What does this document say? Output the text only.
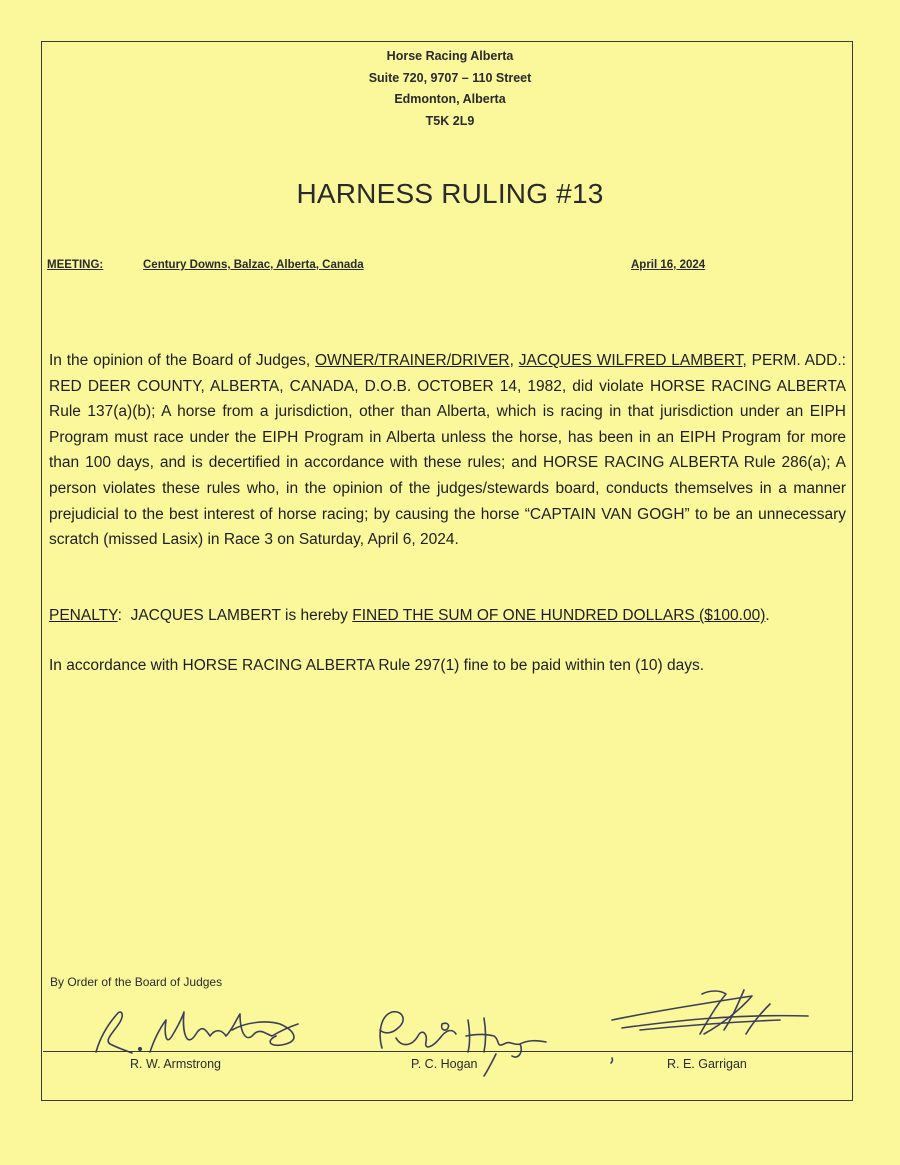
Horse Racing Alberta
Suite 720, 9707 – 110 Street
Edmonton, Alberta
T5K 2L9
HARNESS RULING #13
MEETING:	Century Downs, Balzac, Alberta, Canada	April 16, 2024
In the opinion of the Board of Judges, OWNER/TRAINER/DRIVER, JACQUES WILFRED LAMBERT, PERM. ADD.: RED DEER COUNTY, ALBERTA, CANADA, D.O.B. OCTOBER 14, 1982, did violate HORSE RACING ALBERTA Rule 137(a)(b); A horse from a jurisdiction, other than Alberta, which is racing in that jurisdiction under an EIPH Program must race under the EIPH Program in Alberta unless the horse, has been in an EIPH Program for more than 100 days, and is decertified in accordance with these rules; and HORSE RACING ALBERTA Rule 286(a); A person violates these rules who, in the opinion of the judges/stewards board, conducts themselves in a manner prejudicial to the best interest of horse racing; by causing the horse “CAPTAIN VAN GOGH” to be an unnecessary scratch (missed Lasix) in Race 3 on Saturday, April 6, 2024.
PENALTY:  JACQUES LAMBERT is hereby FINED THE SUM OF ONE HUNDRED DOLLARS ($100.00).
In accordance with HORSE RACING ALBERTA Rule 297(1) fine to be paid within ten (10) days.
By Order of the Board of Judges
R. W. Armstrong	P. C. Hogan	R. E. Garrigan
